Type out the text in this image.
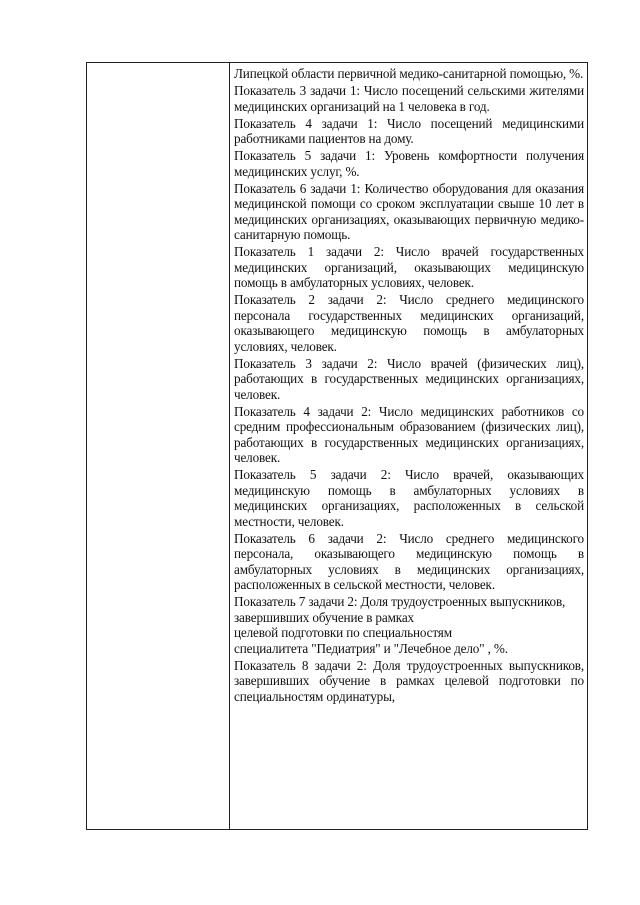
Липецкой области первичной медико-санитарной помощью, %.

Показатель 3 задачи 1: Число посещений сельскими жителями медицинских организаций на 1 человека в год.

Показатель 4 задачи 1: Число посещений медицинскими работниками пациентов на дому.

Показатель 5 задачи 1: Уровень комфортности получения медицинских услуг, %.

Показатель 6 задачи 1: Количество оборудования для оказания медицинской помощи со сроком эксплуатации свыше 10 лет в медицинских организациях, оказывающих первичную медико-санитарную помощь.

Показатель 1 задачи 2: Число врачей государственных медицинских организаций, оказывающих медицинскую помощь в амбулаторных условиях, человек.

Показатель 2 задачи 2: Число среднего медицинского персонала государственных медицинских организаций, оказывающего медицинскую помощь в амбулаторных условиях, человек.

Показатель 3 задачи 2: Число врачей (физических лиц), работающих в государственных медицинских организациях, человек.

Показатель 4 задачи 2: Число медицинских работников со средним профессиональным образованием (физических лиц), работающих в государственных медицинских организациях, человек.

Показатель 5 задачи 2: Число врачей, оказывающих медицинскую помощь в амбулаторных условиях в медицинских организациях, расположенных в сельской местности, человек.

Показатель 6 задачи 2: Число среднего медицинского персонала, оказывающего медицинскую помощь в амбулаторных условиях в медицинских организациях, расположенных в сельской местности, человек.

Показатель 7 задачи 2: Доля трудоустроенных выпускников, завершивших обучение в рамках
целевой подготовки по специальностям
специалитета "Педиатрия" и "Лечебное дело" , %.

Показатель 8 задачи 2: Доля трудоустроенных выпускников, завершивших обучение в рамках целевой подготовки по специальностям ординатуры,
